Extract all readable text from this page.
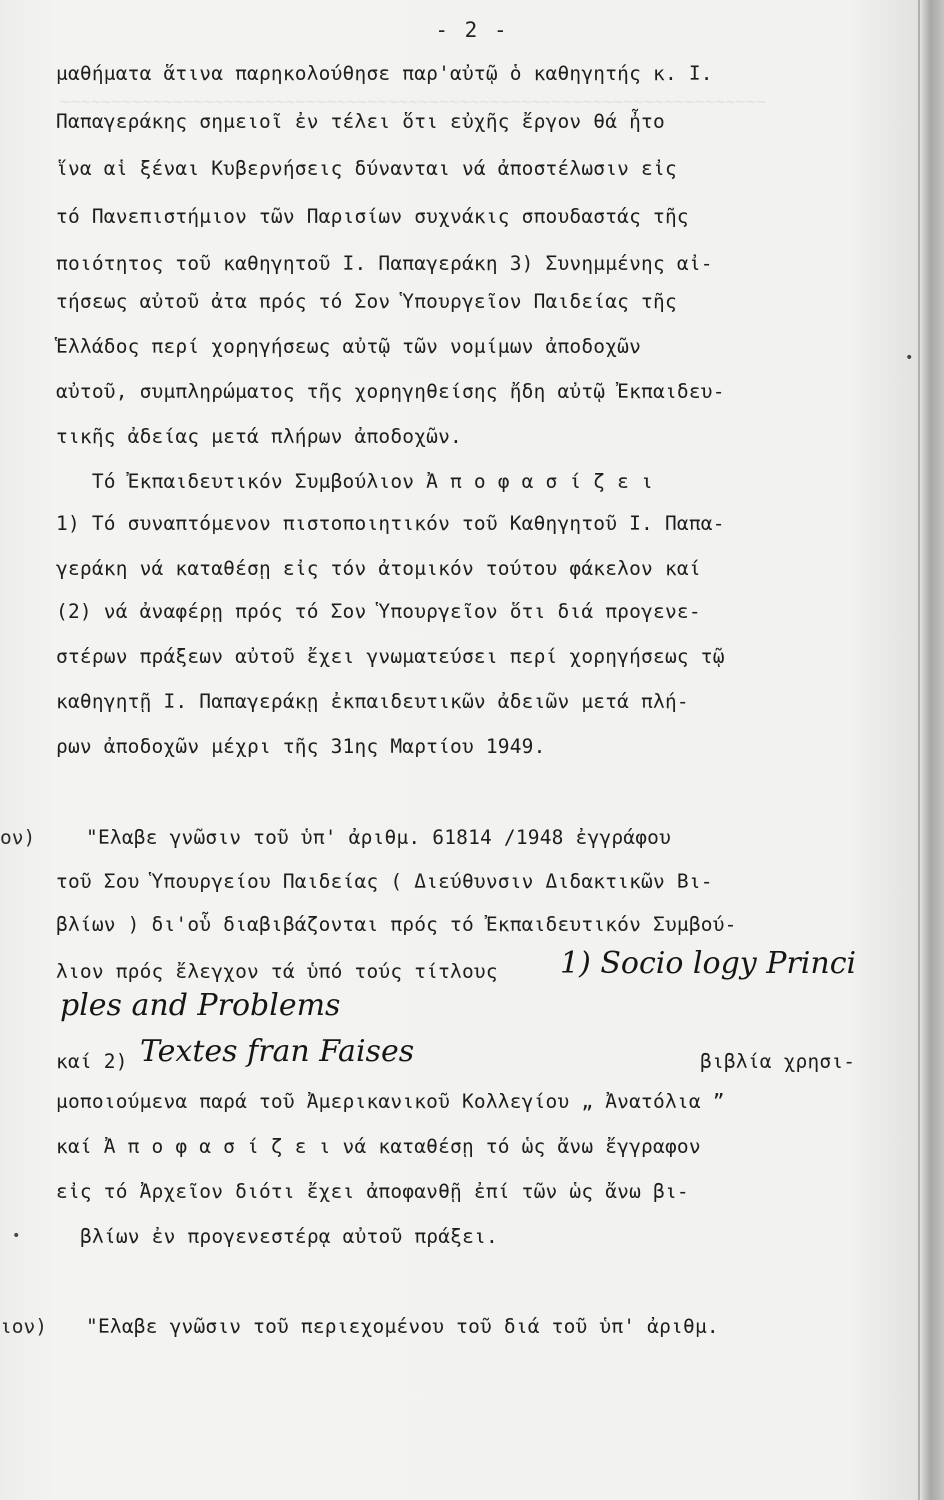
~~~~~~~~~~~~~~~~~~~~~~~~~~~~~~~~~~~~~~~~~~~~~~~~~~~~~~~~~~~~~~~~~~~~~
- 2 -
μαθήματα ἅτινα παρηκολούθησε παρ'αὐτῷ ὁ καθηγητής κ. Ι.
Παπαγεράκης σημειοῖ ἐν τέλει ὅτι εὐχῆς ἔργον θά ἦτο
ἵνα αἱ ξέναι Κυβερνήσεις δύνανται νά ἀποστέλωσιν εἰς
τό Πανεπιστήμιον τῶν Παρισίων συχνάκις σπουδαστάς τῆς
ποιότητος τοῦ καθηγητοῦ Ι. Παπαγεράκη 3) Συνημμένης αἰ-
τήσεως αὐτοῦ ἀτα πρός τό Σον Ὑπουργεῖον Παιδείας τῆς
Ἑλλάδος περί χορηγήσεως αὐτῷ τῶν νομίμων ἀποδοχῶν
αὐτοῦ, συμπληρώματος τῆς χορηγηθείσης ἤδη αὐτῷ Ἐκπαιδευ-
τικῆς ἀδείας μετά πλήρων ἀποδοχῶν.
Τό Ἐκπαιδευτικόν Συμβούλιον Ἀ π ο φ α σ ί ζ ε ι
1) Τό συναπτόμενον πιστοποιητικόν τοῦ Καθηγητοῦ Ι. Παπα-
γεράκη νά καταθέσῃ εἰς τόν ἀτομικόν τούτου φάκελον καί
(2) νά ἀναφέρῃ πρός τό Σον Ὑπουργεῖον ὅτι διά προγενε-
στέρων πράξεων αὐτοῦ ἔχει γνωματεύσει περί χορηγήσεως τῷ
καθηγητῇ Ι. Παπαγεράκῃ ἐκπαιδευτικῶν ἀδειῶν μετά πλή-
ρων ἀποδοχῶν μέχρι τῆς 31ης Μαρτίου 1949.
ον)	"Ελαβε γνῶσιν τοῦ ὑπ' ἀριθμ. 61814 /1948 ἐγγράφου
τοῦ Σου Ὑπουργείου Παιδείας ( Διεύθυνσιν Διδακτικῶν Βι-
βλίων ) δι'οὗ διαβιβάζονται πρός τό Ἐκπαιδευτικόν Συμβού-
λιον πρός ἔλεγχον τά ὑπό τούς τίτλους 1) Socio logy Princi
ples and Problems
καί 2) Textes fran Faises	βιβλία χρησι-
μοποιούμενα παρά τοῦ Ἀμερικανικοῦ Κολλεγίου „ Ἀνατόλια ”
καί Ἀ π ο φ α σ ί ζ ε ι νά καταθέσῃ τό ὡς ἄνω ἔγγραφον
εἰς τό Ἀρχεῖον διότι ἔχει ἀποφανθῇ ἐπί τῶν ὡς ἄνω βι-
βλίων ἐν προγενεστέρᾳ αὐτοῦ πράξει.
ιον) "Ελαβε γνῶσιν τοῦ περιεχομένου τοῦ διά τοῦ ὑπ' ἀριθμ.
•
•
